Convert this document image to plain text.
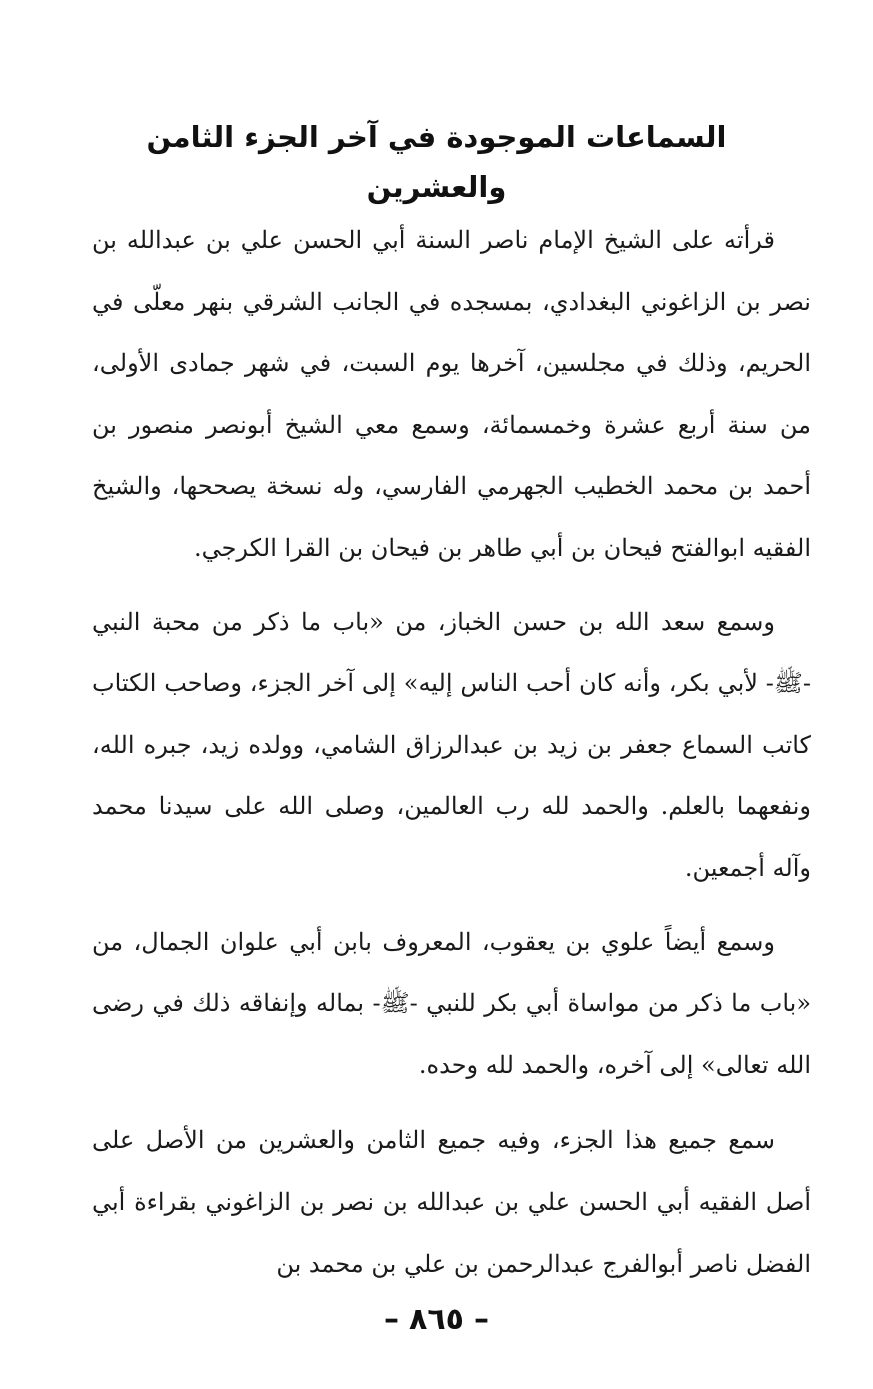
السماعات الموجودة في آخر الجزء الثامن والعشرين

قرأته على الشيخ الإمام ناصر السنة أبي الحسن علي بن عبدالله بن نصر بن الزاغوني البغدادي، بمسجده في الجانب الشرقي بنهر معلّى في الحريم، وذلك في مجلسين، آخرها يوم السبت، في شهر جمادى الأولى، من سنة أربع عشرة وخمسمائة، وسمع معي الشيخ أبونصر منصور بن أحمد بن محمد الخطيب الجهرمي الفارسي، وله نسخة يصححها، والشيخ الفقيه ابوالفتح فيحان بن أبي طاهر بن فيحان بن القرا الكرجي.

وسمع سعد الله بن حسن الخباز، من «باب ما ذكر من محبة النبي -ﷺ- لأبي بكر، وأنه كان أحب الناس إليه» إلى آخر الجزء، وصاحب الكتاب كاتب السماع جعفر بن زيد بن عبدالرزاق الشامي، وولده زيد، جبره الله، ونفعهما بالعلم. والحمد لله رب العالمين، وصلى الله على سيدنا محمد وآله أجمعين.

وسمع أيضاً علوي بن يعقوب، المعروف بابن أبي علوان الجمال، من «باب ما ذكر من مواساة أبي بكر للنبي -ﷺ- بماله وإنفاقه ذلك في رضى الله تعالى» إلى آخره، والحمد لله وحده.

سمع جميع هذا الجزء، وفيه جميع الثامن والعشرين من الأصل على أصل الفقيه أبي الحسن علي بن عبدالله بن نصر بن الزاغوني بقراءة أبي الفضل ناصر أبوالفرج عبدالرحمن بن علي بن محمد بن

–٨٦٥–
